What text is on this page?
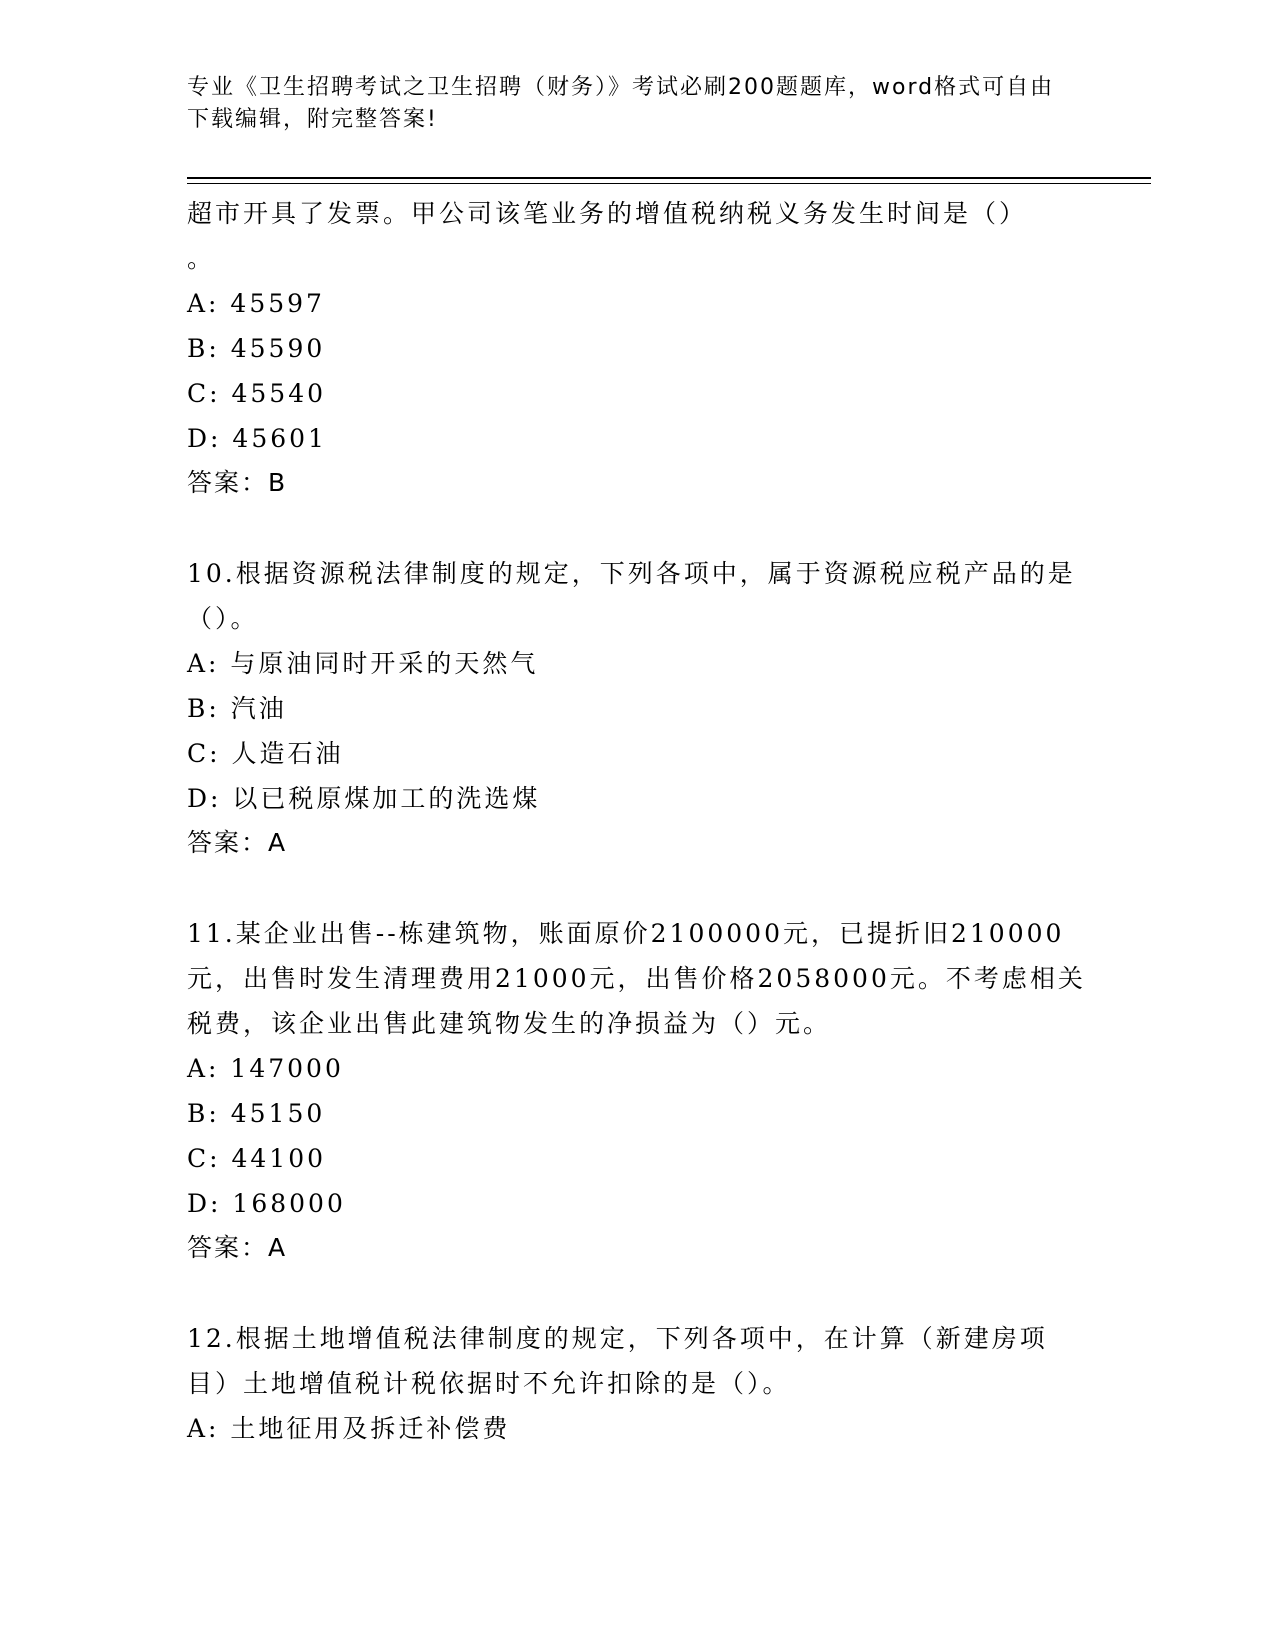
专业《卫生招聘考试之卫生招聘（财务）》考试必刷200题题库，word格式可自由下载编辑，附完整答案!
超市开具了发票。甲公司该笔业务的增值税纳税义务发生时间是（）
。
A: 45597
B: 45590
C: 45540
D: 45601
答案：B
10.根据资源税法律制度的规定，下列各项中，属于资源税应税产品的是（）。
A: 与原油同时开采的天然气
B: 汽油
C: 人造石油
D: 以已税原煤加工的洗选煤
答案：A
11.某企业出售--栋建筑物，账面原价2100000元，已提折旧210000元，出售时发生清理费用21000元，出售价格2058000元。不考虑相关税费，该企业出售此建筑物发生的净损益为（）元。
A: 147000
B: 45150
C: 44100
D: 168000
答案：A
12.根据土地增值税法律制度的规定，下列各项中，在计算（新建房项目）土地增值税计税依据时不允许扣除的是（）。
A: 土地征用及拆迁补偿费
